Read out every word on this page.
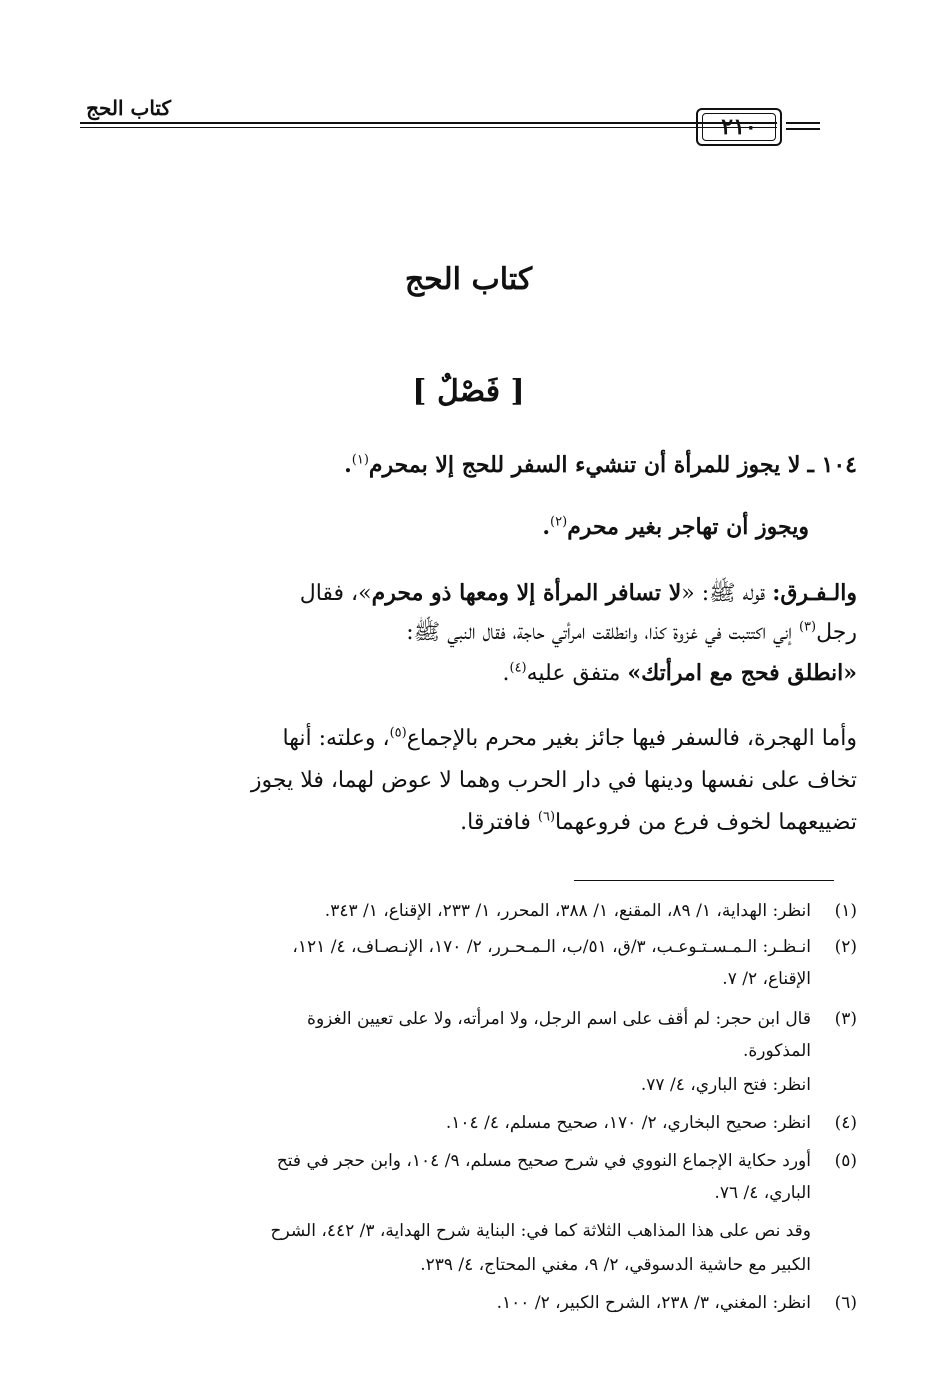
كتاب الحج
٢١٠
كتاب الحج
[ فَصْلٌ ]
١٠٤ ـ لا يجوز للمرأة أن تنشيء السفر للحج إلا بمحرم$^{(١)}$.
ويجوز أن تهاجر بغير محرم$^{(٢)}$.
والـفـرق: قوله ﷺ: «لا تسافر المرأة إلا ومعها ذو محرم»، فقال
رجل$^{(٣)}$ إني اكتتبت في غزوة كذا، وانطلقت امرأتي حاجة، فقال النبي ﷺ:
«انطلق فحج مع امرأتك» متفق عليه$^{(٤)}$.
وأما الهجرة، فالسفر فيها جائز بغير محرم بالإجماع$^{(٥)}$، وعلته: أنها
تخاف على نفسها ودينها في دار الحرب وهما لا عوض لهما، فلا يجوز
تضييعهما لخوف فرع من فروعهما$^{(٦)}$ فافترقا.
(١)
انظر: الهداية، ١/ ٨٩، المقنع، ١/ ٣٨٨، المحرر، ١/ ٢٣٣، الإقناع، ١/ ٣٤٣.
(٢)
انـظـر: الـمـسـتـوعـب، ٣/ق، ٥١/ب، الـمـحـرر، ٢/ ١٧٠، الإنـصـاف، ٤/ ١٢١،
الإقناع، ٢/ ٧.
(٣)
قال ابن حجر: لم أقف على اسم الرجل، ولا امرأته، ولا على تعيين الغزوة
المذكورة.
انظر: فتح الباري، ٤/ ٧٧.
(٤)
انظر: صحيح البخاري، ٢/ ١٧٠، صحيح مسلم، ٤/ ١٠٤.
(٥)
أورد حكاية الإجماع النووي في شرح صحيح مسلم، ٩/ ١٠٤، وابن حجر في فتح
الباري، ٤/ ٧٦.
وقد نص على هذا المذاهب الثلاثة كما في: البناية شرح الهداية، ٣/ ٤٤٢، الشرح
الكبير مع حاشية الدسوقي، ٢/ ٩، مغني المحتاج، ٤/ ٢٣٩.
(٦)
انظر: المغني، ٣/ ٢٣٨، الشرح الكبير، ٢/ ١٠٠.
